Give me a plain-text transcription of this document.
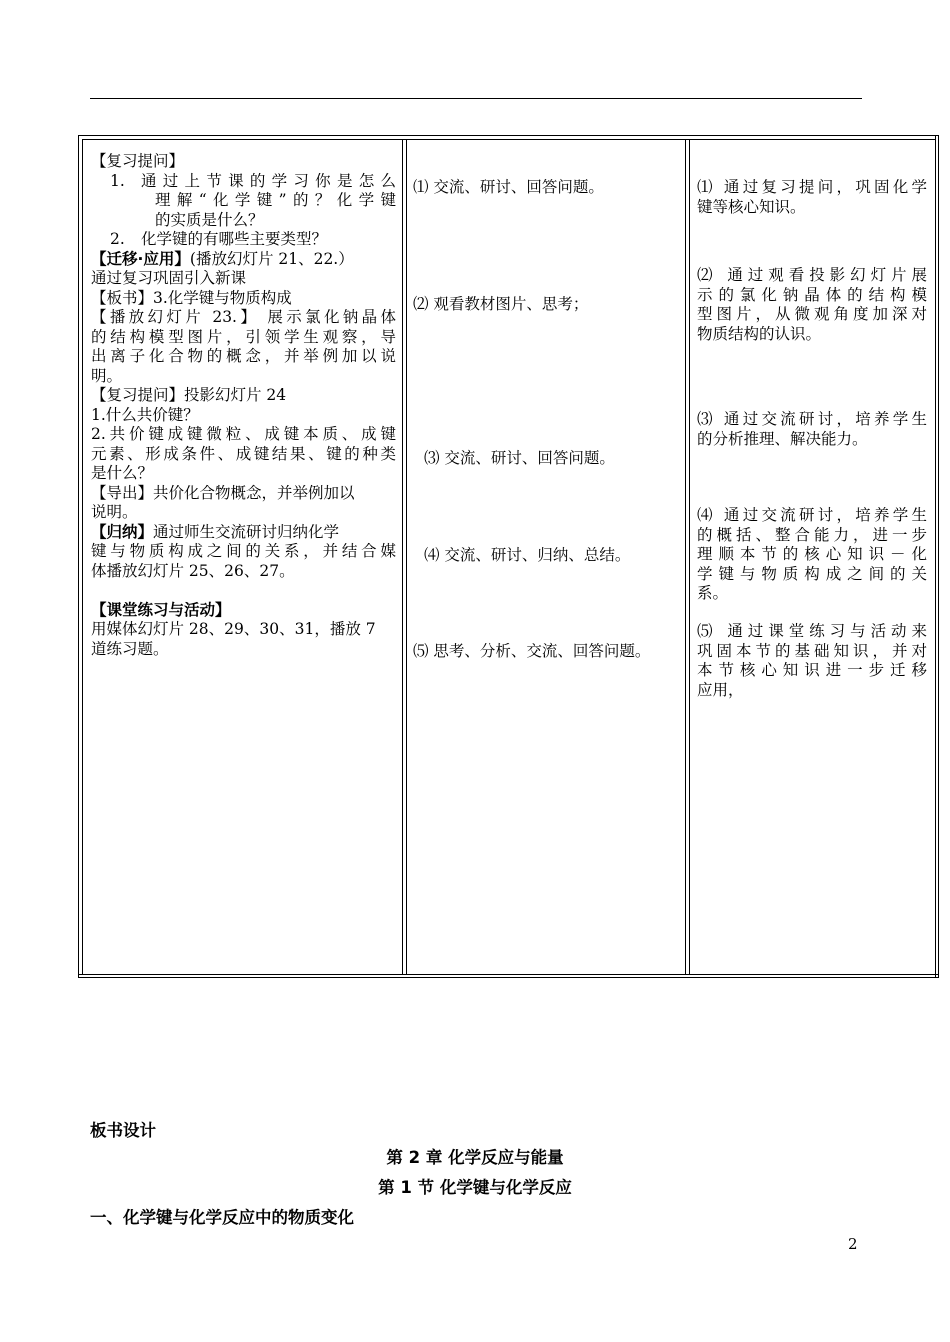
【复习提问】
1.	通过上节课的学习你是怎么
理解“化学键”的？化学键
的实质是什么？
2.	化学键的有哪些主要类型？
【迁移·应用】(播放幻灯片 21、22.）
通过复习巩固引入新课
【板书】3.化学键与物质构成
【播放幻灯片 23.】 展示氯化钠晶体
的结构模型图片，引领学生观察，导
出离子化合物的概念，并举例加以说
明。
【复习提问】投影幻灯片 24
1.什么共价键？
2.共价键成键微粒、成键本质、成键
元素、形成条件、成键结果、键的种类
是什么？
【导出】共价化合物概念，并举例加以
说明。
【归纳】通过师生交流研讨归纳化学
键与物质构成之间的关系，并结合媒
体播放幻灯片 25、26、27。
【课堂练习与活动】
用媒体幻灯片 28、29、30、31，播放 7
道练习题。
⑴ 交流、研讨、回答问题。
⑵ 观看教材图片、思考；
⑶ 交流、研讨、回答问题。
⑷ 交流、研讨、归纳、总结。
⑸ 思考、分析、交流、回答问题。
⑴ 通过复习提问，巩固化学
键等核心知识。
⑵ 通过观看投影幻灯片展
示的氯化钠晶体的结构模
型图片，从微观角度加深对
物质结构的认识。
⑶ 通过交流研讨，培养学生
的分析推理、解决能力。
⑷ 通过交流研讨，培养学生
的概括、整合能力，进一步
理顺本节的核心知识－化
学键与物质构成之间的关
系。
⑸ 通过课堂练习与活动来
巩固本节的基础知识，并对
本节核心知识进一步迁移
应用，
板书设计
第 2 章 化学反应与能量
第 1 节 化学键与化学反应
一、化学键与化学反应中的物质变化
2
